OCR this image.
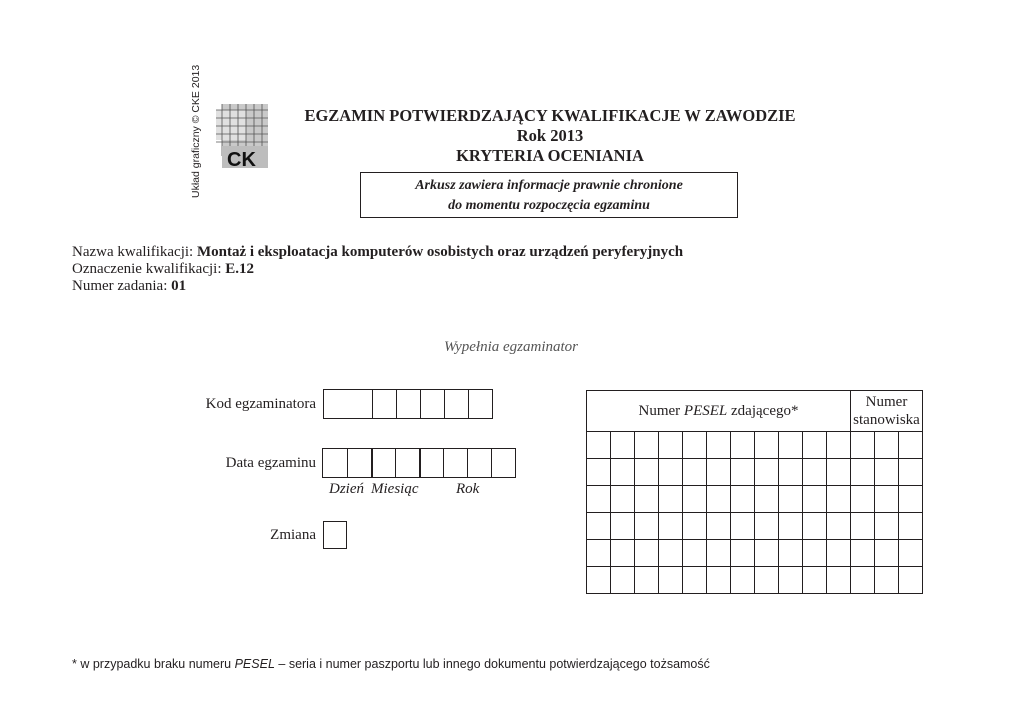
Układ graficzny © CKE 2013 CK
EGZAMIN POTWIERDZAJĄCY KWALIFIKACJE W ZAWODZIE
Rok 2013
KRYTERIA OCENIANIA
Arkusz zawiera informacje prawnie chronione
do momentu rozpoczęcia egzaminu
Nazwa kwalifikacji: Montaż i eksploatacja komputerów osobistych oraz urządzeń peryferyjnych
Oznaczenie kwalifikacji: E.12
Numer zadania: 01
Wypełnia egzaminator
Kod egzaminatora
Data egzaminu
Dzień Miesiąc	Rok
Zmiana
Numer PESEL zdającego*											Numer
stanowiska		

* w przypadku braku numeru PESEL – seria i numer paszportu lub innego dokumentu potwierdzającego tożsamość
